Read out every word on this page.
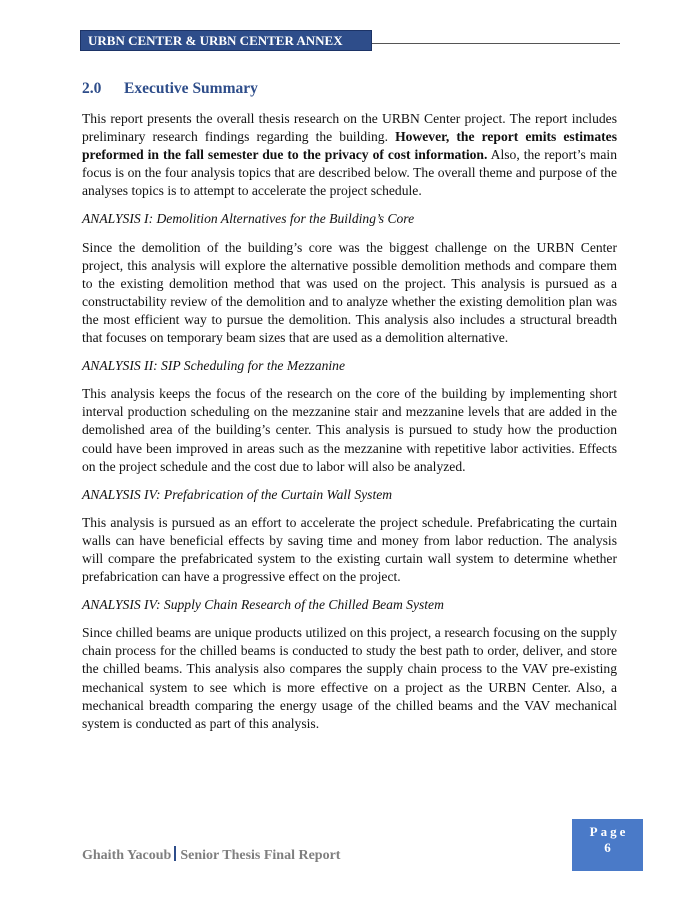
URBN CENTER & URBN CENTER ANNEX
2.0 Executive Summary

This report presents the overall thesis research on the URBN Center project. The report includes preliminary research findings regarding the building. However, the report emits estimates preformed in the fall semester due to the privacy of cost information. Also, the report’s main focus is on the four analysis topics that are described below. The overall theme and purpose of the analyses topics is to attempt to accelerate the project schedule.

ANALYSIS I: Demolition Alternatives for the Building’s Core

Since the demolition of the building’s core was the biggest challenge on the URBN Center project, this analysis will explore the alternative possible demolition methods and compare them to the existing demolition method that was used on the project. This analysis is pursued as a constructability review of the demolition and to analyze whether the existing demolition plan was the most efficient way to pursue the demolition. This analysis also includes a structural breadth that focuses on temporary beam sizes that are used as a demolition alternative.

ANALYSIS II: SIP Scheduling for the Mezzanine

This analysis keeps the focus of the research on the core of the building by implementing short interval production scheduling on the mezzanine stair and mezzanine levels that are added in the demolished area of the building’s center. This analysis is pursued to study how the production could have been improved in areas such as the mezzanine with repetitive labor activities. Effects on the project schedule and the cost due to labor will also be analyzed.

ANALYSIS IV: Prefabrication of the Curtain Wall System

This analysis is pursued as an effort to accelerate the project schedule. Prefabricating the curtain walls can have beneficial effects by saving time and money from labor reduction. The analysis will compare the prefabricated system to the existing curtain wall system to determine whether prefabrication can have a progressive effect on the project.

ANALYSIS IV: Supply Chain Research of the Chilled Beam System

Since chilled beams are unique products utilized on this project, a research focusing on the supply chain process for the chilled beams is conducted to study the best path to order, deliver, and store the chilled beams. This analysis also compares the supply chain process to the VAV pre-existing mechanical system to see which is more effective on a project as the URBN Center. Also, a mechanical breadth comparing the energy usage of the chilled beams and the VAV mechanical system is conducted as part of this analysis.

Ghaith Yacoub Senior Thesis Final Report
Page
6
